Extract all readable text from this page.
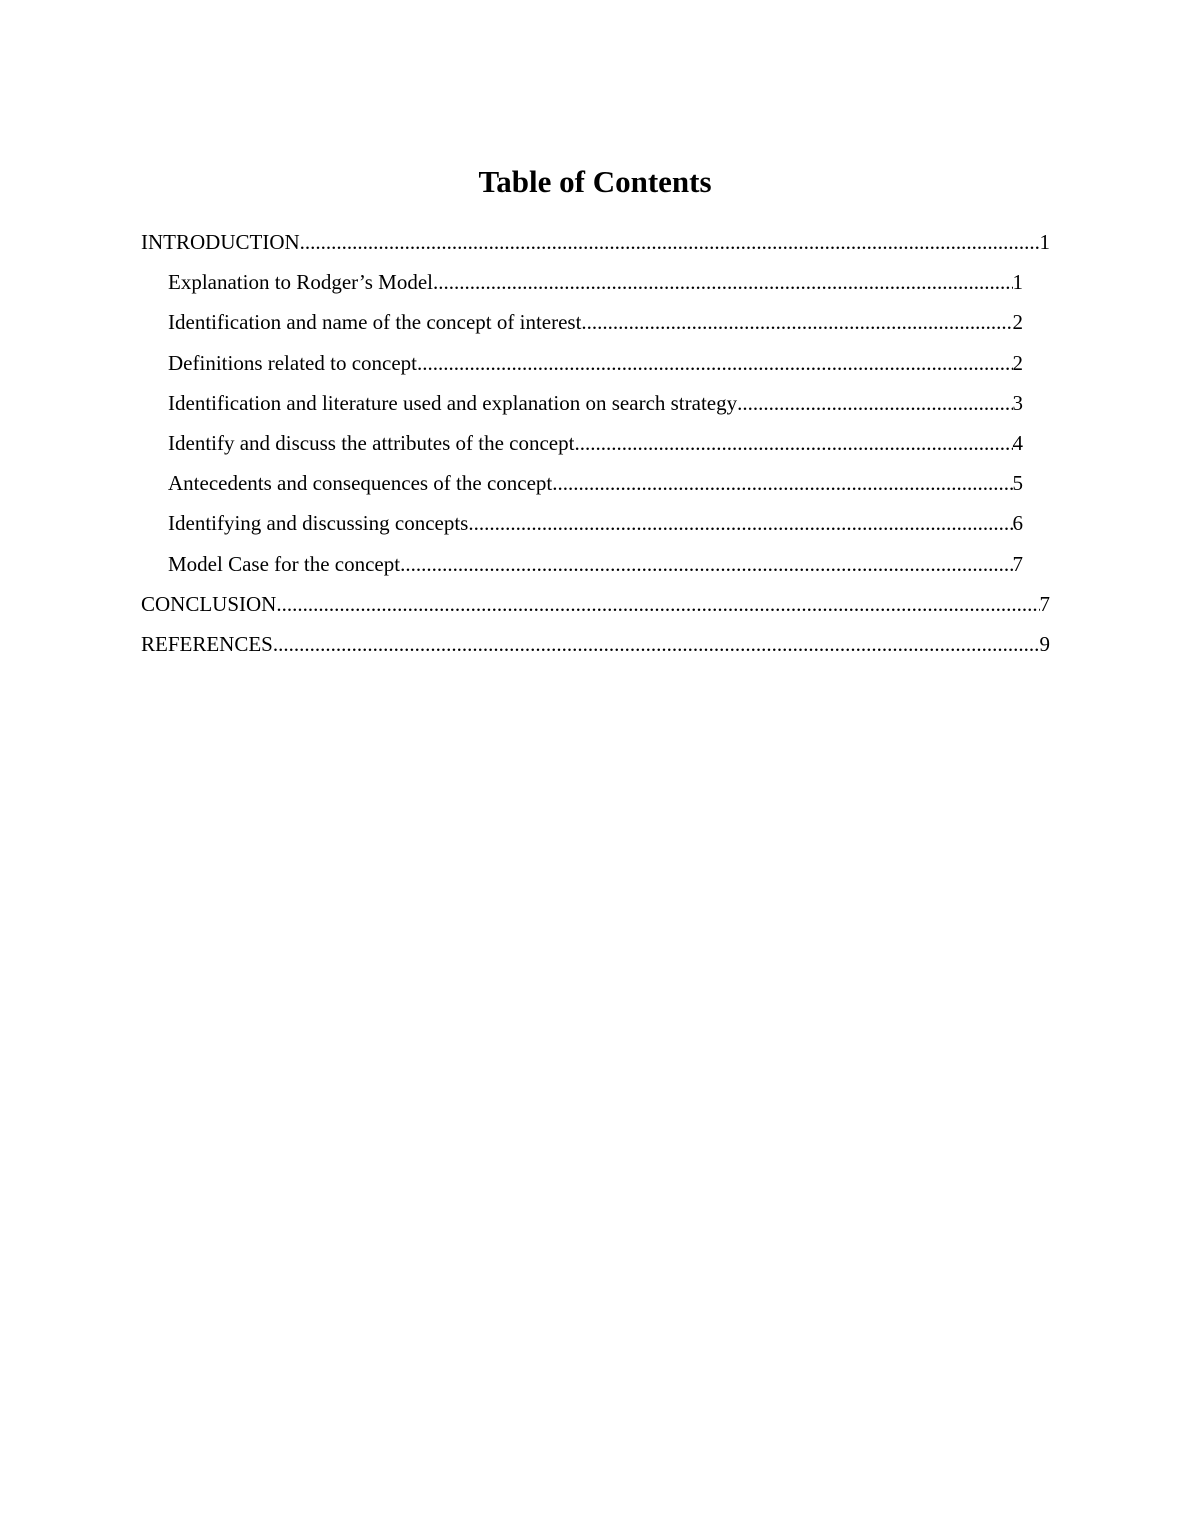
Table of Contents
INTRODUCTION .....	1
Explanation to Rodger’s Model .....	1
Identification and name of the concept of interest .....	2
Definitions related to concept .....	2
Identification and literature used and explanation on search strategy .....	3
Identify and discuss the attributes of the concept .....	4
Antecedents and consequences of the concept .....	5
Identifying and discussing concepts .....	6
Model Case for the concept .....	7
CONCLUSION .....	7
REFERENCES .....	9
